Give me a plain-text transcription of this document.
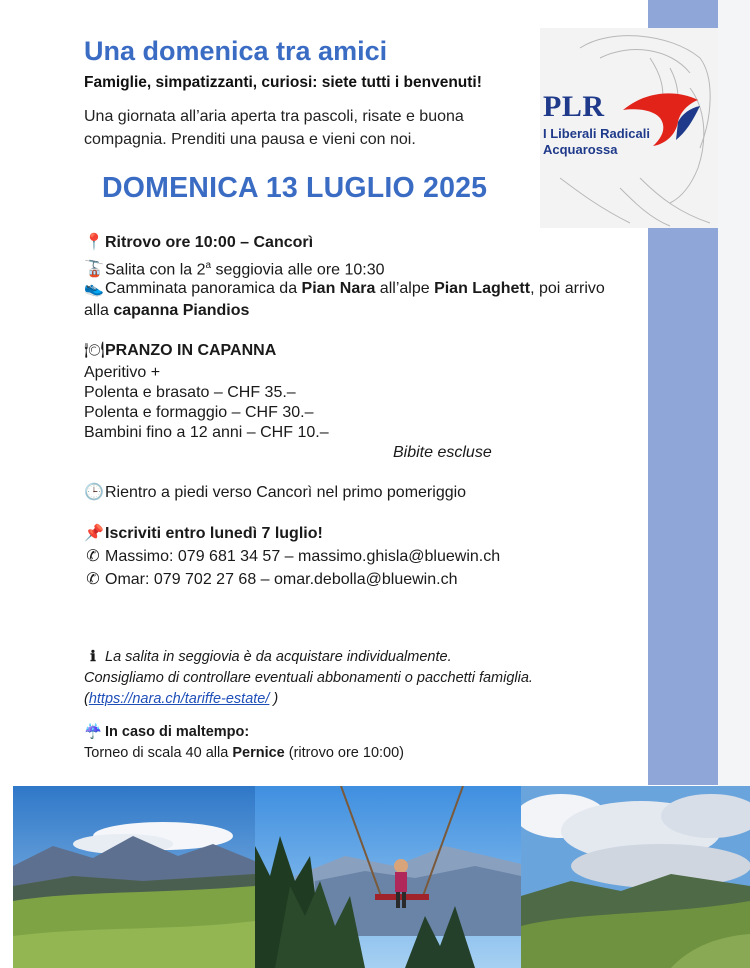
PLR
I Liberali Radicali
Acquarossa
Una domenica tra amici
Famiglie, simpatizzanti, curiosi: siete tutti i benvenuti!
Una giornata all’aria aperta tra pascoli, risate e buona compagnia. Prenditi una pausa e vieni con noi.
DOMENICA 13 LUGLIO 2025
📍Ritrovo ore 10:00 – Cancorì
🚡Salita con la 2$^a$ seggiovia alle ore 10:30
👟Camminata panoramica da Pian Nara all’alpe Pian Laghett, poi arrivo alla capanna Piandios
🍽PRANZO IN CAPANNA
Aperitivo +
Polenta e brasato – CHF 35.–
Polenta e formaggio – CHF 30.–
Bambini fino a 12 anni – CHF 10.–
Bibite escluse
🕒Rientro a piedi verso Cancorì nel primo pomeriggio
📌Iscriviti entro lunedì 7 luglio!
✆ Massimo: 079 681 34 57 – massimo.ghisla@bluewin.ch
✆ Omar: 079 702 27 68 – omar.debolla@bluewin.ch
ℹ La salita in seggiovia è da acquistare individualmente.
Consigliamo di controllare eventuali abbonamenti o pacchetti famiglia.
(https://nara.ch/tariffe-estate/ )
☔ In caso di maltempo:
Torneo di scala 40 alla Pernice (ritrovo ore 10:00)
